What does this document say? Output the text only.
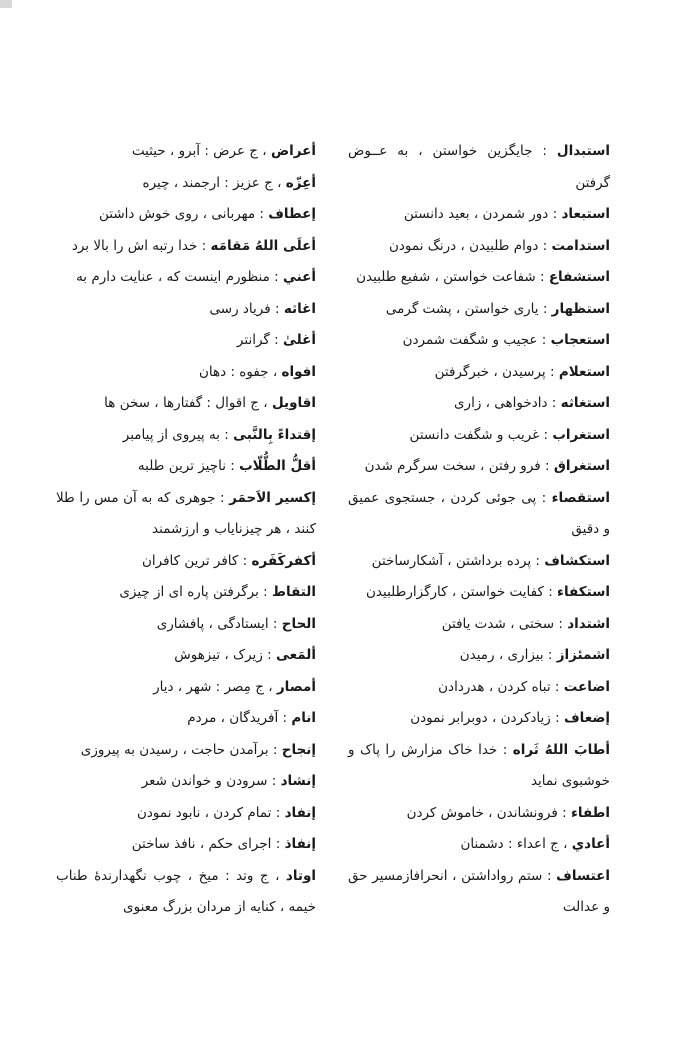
استبدال : جایگزین خواستن ، به عــوض گرفتن

استبعاد : دور شمردن ، بعید دانستن

استدامت : دوام طلبیدن ، درنگ نمودن

استشفاع : شفاعت خواستن ، شفیع طلبیدن

استظهار : یاری خواستن ، پشت گرمی

استعجاب : عجیب و شگفت شمردن

استعلام : پرسیدن ، خبرگرفتن

استغاثه : دادخواهی ، زاری

استغراب : غریب و شگفت دانستن

استغراق : فرو رفتن ، سخت سرگرم شدن

استقصاء : پی جوئی کردن ، جستجوی عمیق و دقیق

استکشاف : پرده برداشتن ، آشکارساختن

استکفاء : کفایت خواستن ، کارگزارطلبیدن

اشتداد : سختی ، شدت یافتن

اشمئزاز : بیزاری ، رمیدن

اضاعت : تباه کردن ، هدردادن

إضعاف : زیادکردن ، دوبرابر نمودن

أطابَ اللهُ ثَراه : خدا خاک مزارش را پاک و خوشبوی نماید

اطفاء : فرونشاندن ، خاموش کردن

أعادي ، ج اعداء : دشمنان

اعتساف : ستم رواداشتن ، انحرافازمسیر حق و عدالت

أعراض ، ج عرض : آبرو ، حیثیت

أعِزّه ، ج عزیز : ارجمند ، چیره

إعطاف : مهربانی ، روی خوش داشتن

أعلَی اللهُ مَقامَه : خدا رتبه اش را بالا برد

أعني : منظورم اینست که ، عنایت دارم به

اغاثه : فریاد رسی

أغلیٰ : گرانتر

افواه ، جفوه : دهان

اقاویل ، ج اقوال : گفتارها ، سخن ها

إقتداءً بِالنَّبی : به پیروی از پیامبر

أقلُّ الطُّلّاب : ناچیز ترین طلبه

إکسیر الاَحمَر : جوهری که به آن مس را طلا کنند ، هر چیزنایاب و ارزشمند

أکفرکَفَره : کافر ترین کافران

التقاط : برگرفتن پاره ای از چیزی

الحاح : ایستادگی ، پافشاری

ألمَعی : زیرک ، تیزهوش

أمصار ، ج مِصر : شهر ، دیار

انام : آفریدگان ، مردم

إنجاح : برآمدن حاجت ، رسیدن به پیروزی

إنشاد : سرودن و خواندن شعر

إنفاد : تمام کردن ، نابود نمودن

إنفاذ : اجرای حکم ، نافذ ساختن

اوتاد ، ج وتد : میخ ، چوب نگهدارندهٔ طناب خیمه ، کنایه از مردان بزرگ معنوی
